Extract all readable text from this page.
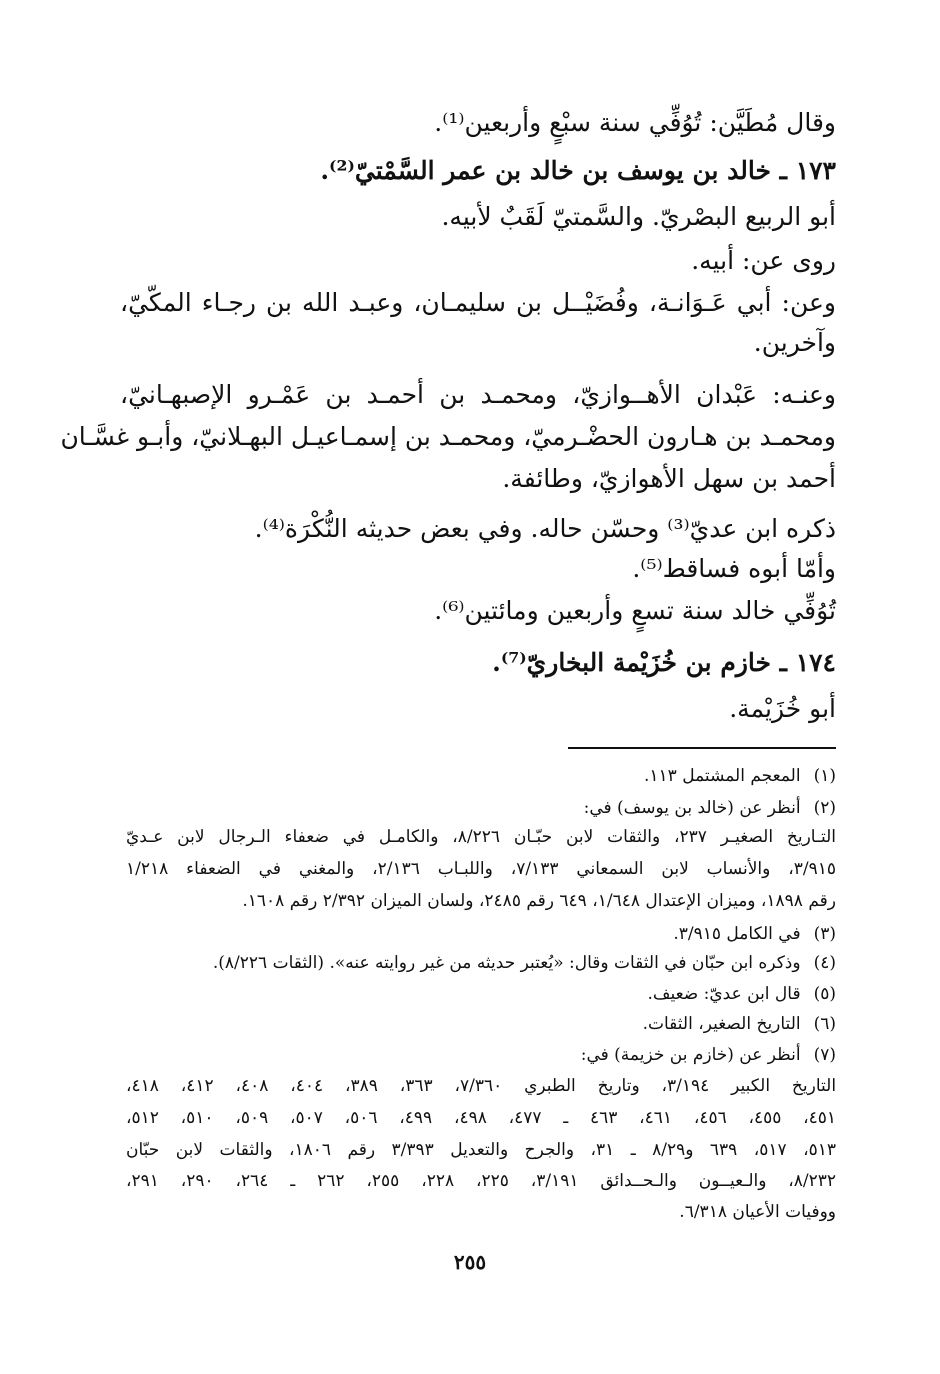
وقال مُطَيَّن: تُوُفِّي سنة سبْعٍ وأربعين⁽¹⁾.
١٧٣ ـ خالد بن يوسف بن خالد بن عمر السَّمْتيّ⁽²⁾.
أبو الربيع البصْريّ. والسَّمتيّ لَقَبٌ لأبيه.
روى عن: أبيه.
وعن: أبي عَـوَانـة، وفُضَيْــل بن سليمـان، وعبـد الله بن رجـاء المكّيّ،
وآخرين.
وعنـه: عَبْدان الأهــوازيّ، ومحمـد بن أحمـد بن عَمْـرو الإصبهـانيّ،
ومحمـد بن هـارون الحضْـرميّ، ومحمـد بن إسمـاعيـل البهـلانيّ، وأبـو غسَّـان
أحمد بن سهل الأهوازيّ، وطائفة.
ذكره ابن عديّ⁽³⁾ وحسّن حاله. وفي بعض حديثه النُّكْرَة⁽⁴⁾.
وأمّا أبوه فساقط⁽⁵⁾.
تُوُفِّي خالد سنة تسعٍ وأربعين ومائتين⁽⁶⁾.
١٧٤ ـ خازم بن خُزَيْمة البخاريّ⁽⁷⁾.
أبو خُزَيْمة.
(١) المعجم المشتمل ١١٣.
(٢) أنظر عن (خالد بن يوسف) في:
التـاريخ الصغيـر ٢٣٧، والثقات لابن حبّـان ٨/٢٢٦، والكامـل في ضعفاء الـرجال لابن عـديّ
٣/٩١٥، والأنساب لابن السمعاني ٧/١٣٣، واللبـاب ٢/١٣٦، والمغني في الضعفاء ١/٢١٨
رقم ١٨٩٨، وميزان الإعتدال ١/٦٤٨، ٦٤٩ رقم ٢٤٨٥، ولسان الميزان ٢/٣٩٢ رقم ١٦٠٨.
(٣) في الكامل ٣/٩١٥.
(٤) وذكره ابن حبّان في الثقات وقال: «يُعتبر حديثه من غير روايته عنه». (الثقات ٨/٢٢٦).
(٥) قال ابن عديّ: ضعيف.
(٦) التاريخ الصغير، الثقات.
(٧) أنظر عن (خازم بن خزيمة) في:
التاريخ الكبير ٣/١٩٤، وتاريخ الطبري ٧/٣٦٠، ٣٦٣، ٣٨٩، ٤٠٤، ٤٠٨، ٤١٢، ٤١٨،
٤٥١، ٤٥٥، ٤٥٦، ٤٦١، ٤٦٣ ـ ٤٧٧، ٤٩٨، ٤٩٩، ٥٠٦، ٥٠٧، ٥٠٩، ٥١٠، ٥١٢،
٥١٣، ٥١٧، ٦٣٩ و٨/٢٩ ـ ٣١، والجرح والتعديل ٣/٣٩٣ رقم ١٨٠٦، والثقات لابن حبّان
٨/٢٣٢، والـعيــون والـحــدائق ٣/١٩١، ٢٢٥، ٢٢٨، ٢٥٥، ٢٦٢ ـ ٢٦٤، ٢٩٠، ٢٩١،
ووفيات الأعيان ٦/٣١٨.
٢٥٥
